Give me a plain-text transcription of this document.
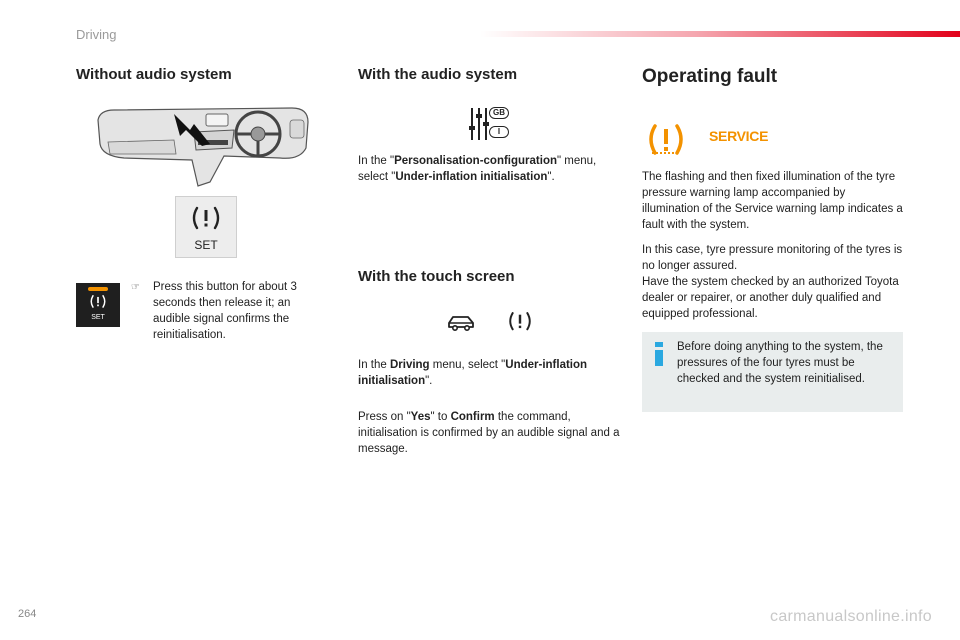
Driving
Without audio system
SET
SET
☞ Press this button for about 3 seconds then release it; an audible signal confirms the reinitialisation.

With the audio system
GB
I

In the "Personalisation-configuration" menu, select "Under-inflation initialisation".

With the touch screen

In the Driving menu, select "Under-inflation initialisation".

Press on "Yes" to Confirm the command, initialisation is confirmed by an audible signal and a message.

Operating fault
SERVICE

The flashing and then fixed illumination of the tyre pressure warning lamp accompanied by illumination of the Service warning lamp indicates a fault with the system.

In this case, tyre pressure monitoring of the tyres is no longer assured.

Have the system checked by an authorized Toyota dealer or repairer, or another duly qualified and equipped professional.

Before doing anything to the system, the pressures of the four tyres must be checked and the system reinitialised.

264	carmanualsonline.info
